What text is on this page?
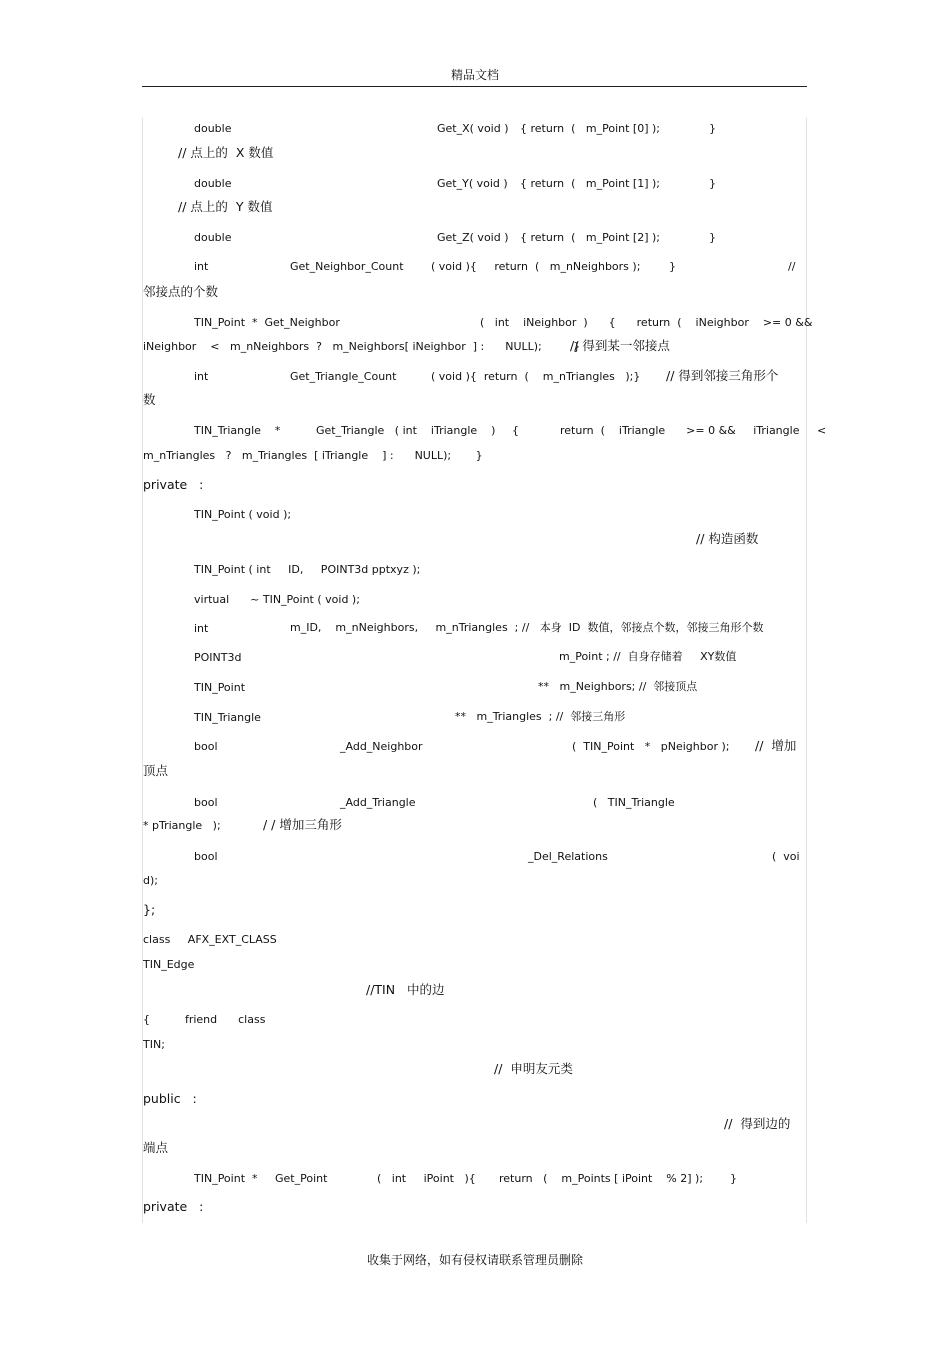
精品文档
double	Get_X( void ) { return  (   m_Point [0] );	}
// 点上的  X 数值
double	Get_Y( void ) { return  (   m_Point [1] );	}
// 点上的  Y 数值
double	Get_Z( void ) { return  (   m_Point [2] );	}
int	Get_Neighbor_Count ( void ){     return  (   m_nNeighbors );	}	//
邻接点的个数
TIN_Point  *  Get_Neighbor	(   int    iNeighbor  )      {      return  (    iNeighbor    >= 0 &&
iNeighbor    <   m_nNeighbors  ?   m_Neighbors[ iNeighbor  ] :      NULL);         }
// 得到某一邻接点
int	Get_Triangle_Count	( void ){  return  (    m_nTriangles   );} // 得到邻接三角形个
数
TIN_Triangle    *	Get_Triangle   ( int    iTriangle    ) {	return  (    iTriangle      >= 0 &&     iTriangle     <
m_nTriangles   ?   m_Triangles  [ iTriangle    ] :      NULL);       }
private   :
TIN_Point ( void );
// 构造函数
TIN_Point ( int     ID,     POINT3d pptxyz );
virtual      ~ TIN_Point ( void );
int	m_ID,    m_nNeighbors,     m_nTriangles  ; //   本身  ID  数值，邻接点个数，邻接三角形个数
POINT3d	m_Point ; //  自身存储着     XY数值
TIN_Point	**   m_Neighbors; //  邻接顶点
TIN_Triangle	**   m_Triangles  ; //  邻接三角形
bool	_Add_Neighbor	(  TIN_Point   *   pNeighbor ); //  增加
顶点
bool	_Add_Triangle	(   TIN_Triangle
* pTriangle   );	/ / 增加三角形
bool	_Del_Relations	(  voi
d);
};
class     AFX_EXT_CLASS
TIN_Edge
//TIN   中的边
{          friend      class
TIN;
//  申明友元类
public   :
//  得到边的
端点
TIN_Point  * Get_Point	(   int     iPoint   ){ return   (    m_Points [ iPoint    % 2] ); }
private   :
收集于网络，如有侵权请联系管理员删除
